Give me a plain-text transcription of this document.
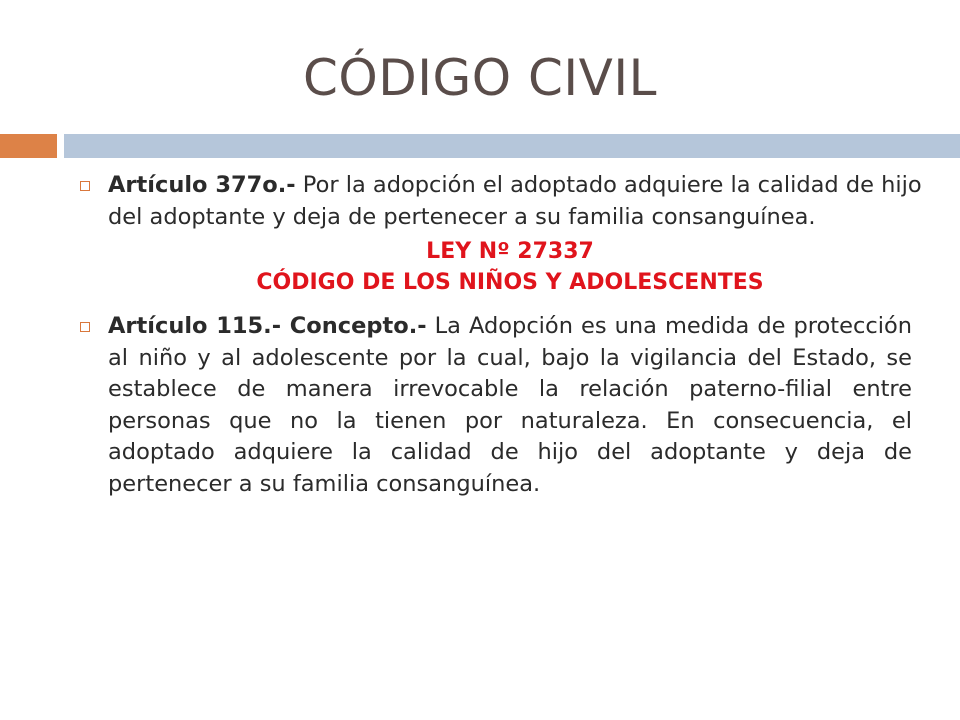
CÓDIGO CIVIL
Artículo 377o.- Por la adopción el adoptado adquiere la calidad de hijo del adoptante y deja de pertenecer a su familia consanguínea.
LEY Nº 27337
CÓDIGO DE LOS NIÑOS Y ADOLESCENTES
Artículo 115.- Concepto.- La Adopción es una medida de protección al niño y al adolescente por la cual, bajo la vigilancia del Estado, se establece de manera irrevocable la relación paterno-filial entre personas que no la tienen por naturaleza. En consecuencia, el adoptado adquiere la calidad de hijo del adoptante y deja de pertenecer a su familia consanguínea.
